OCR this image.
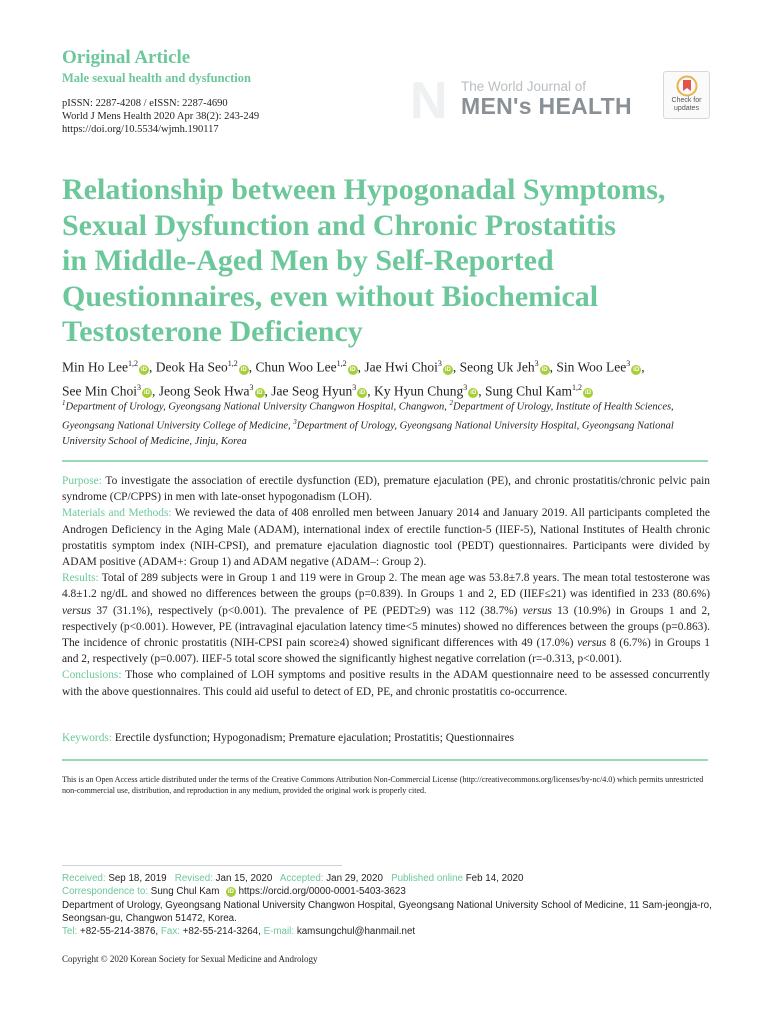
Original Article
Male sexual health and dysfunction
pISSN: 2287-4208 / eISSN: 2287-4690
World J Mens Health 2020 Apr 38(2): 243-249
https://doi.org/10.5534/wjmh.190117	N The World Journal of
MEN's HEALTH	Check for
updates
Relationship between Hypogonadal Symptoms,
Sexual Dysfunction and Chronic Prostatitis
in Middle-Aged Men by Self-Reported
Questionnaires, even without Biochemical
Testosterone Deficiency
Min Ho Lee$^{1,2}$iD , Deok Ha Seo$^{1,2}$iD , Chun Woo Lee$^{1,2}$iD , Jae Hwi Choi$^3$iD , Seong Uk Jeh$^3$iD , Sin Woo Lee$^3$iD ,
See Min Choi$^3$iD , Jeong Seok Hwa$^3$iD , Jae Seog Hyun$^3$iD , Ky Hyun Chung$^3$iD , Sung Chul Kam$^{1,2}$iD
$^1$Department of Urology, Gyeongsang National University Changwon Hospital, Changwon, $^2$Department of Urology, Institute of Health Sciences, Gyeongsang National University College of Medicine, $^3$Department of Urology, Gyeongsang National University Hospital, Gyeongsang National University School of Medicine, Jinju, Korea

Purpose: To investigate the association of erectile dysfunction (ED), premature ejaculation (PE), and chronic prostatitis/chronic pelvic pain syndrome (CP/CPPS) in men with late-onset hypogonadism (LOH).

Materials and Methods: We reviewed the data of 408 enrolled men between January 2014 and January 2019. All participants completed the Androgen Deficiency in the Aging Male (ADAM), international index of erectile function-5 (IIEF-5), National Institutes of Health chronic prostatitis symptom index (NIH-CPSI), and premature ejaculation diagnostic tool (PEDT) questionnaires. Participants were divided by ADAM positive (ADAM+: Group 1) and ADAM negative (ADAM–: Group 2).

Results: Total of 289 subjects were in Group 1 and 119 were in Group 2. The mean age was 53.8±7.8 years. The mean total testosterone was 4.8±1.2 ng/dL and showed no differences between the groups (p=0.839). In Groups 1 and 2, ED (IIEF≤21) was identified in 233 (80.6%) versus 37 (31.1%), respectively (p<0.001). The prevalence of PE (PEDT≥9) was 112 (38.7%) versus 13 (10.9%) in Groups 1 and 2, respectively (p<0.001). However, PE (intravaginal ejaculation latency time<5 minutes) showed no differences between the groups (p=0.863). The incidence of chronic prostatitis (NIH-CPSI pain score≥4) showed significant differences with 49 (17.0%) versus 8 (6.7%) in Groups 1 and 2, respectively (p=0.007). IIEF-5 total score showed the significantly highest negative correlation (r=-0.313, p<0.001).

Conclusions: Those who complained of LOH symptoms and positive results in the ADAM questionnaire need to be assessed concurrently with the above questionnaires. This could aid useful to detect of ED, PE, and chronic prostatitis co-occurrence.

Keywords: Erectile dysfunction; Hypogonadism; Premature ejaculation; Prostatitis; Questionnaires
This is an Open Access article distributed under the terms of the Creative Commons Attribution Non-Commercial License (http://creativecommons.org/licenses/by-nc/4.0) which permits unrestricted non-commercial use, distribution, and reproduction in any medium, provided the original work is properly cited.
Received: Sep 18, 2019 Revised: Jan 15, 2020 Accepted: Jan 29, 2020 Published online Feb 14, 2020
Correspondence to: Sung Chul Kam iD https://orcid.org/0000-0001-5403-3623
Department of Urology, Gyeongsang National University Changwon Hospital, Gyeongsang National University School of Medicine, 11 Sam-jeongja-ro, Seongsan-gu, Changwon 51472, Korea.
Tel: +82-55-214-3876, Fax: +82-55-214-3264, E-mail: kamsungchul@hanmail.net
Copyright © 2020 Korean Society for Sexual Medicine and Andrology
